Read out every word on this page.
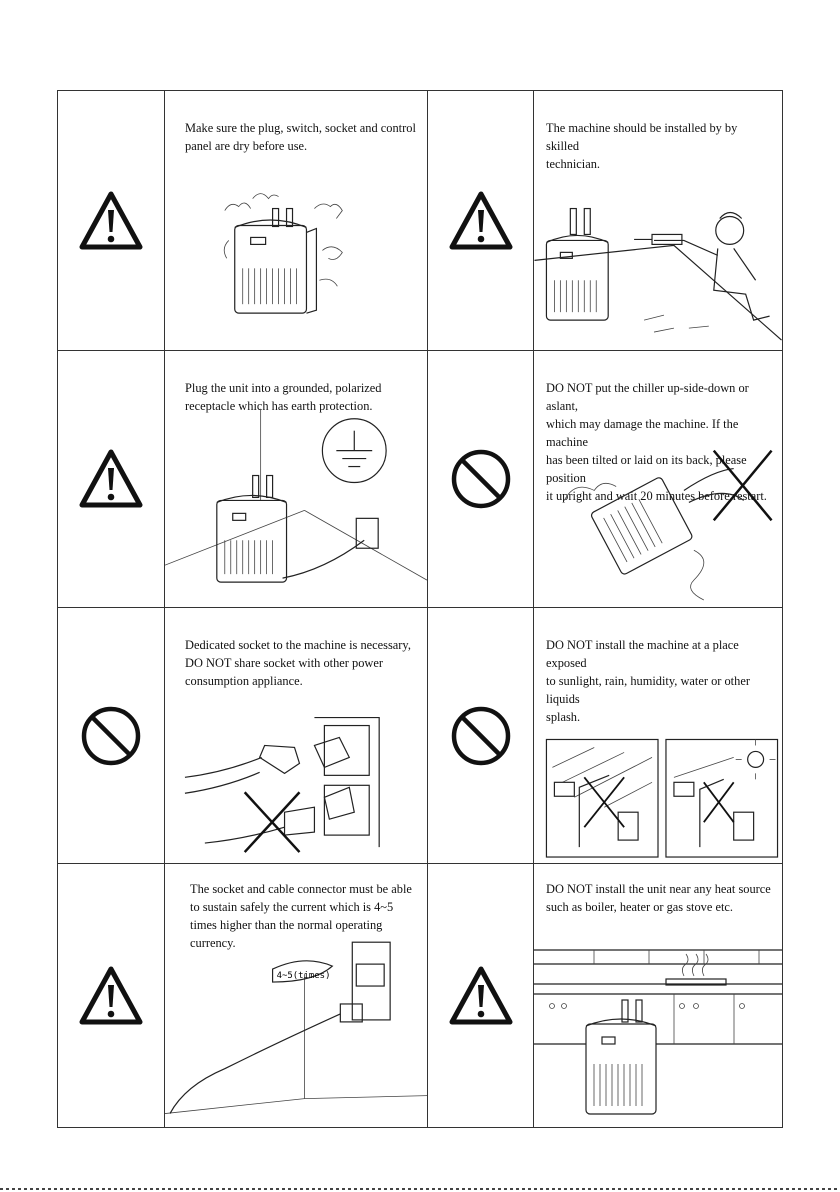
Make sure the plug, switch, socket and control
panel are dry before use.

The machine should be installed by by skilled
technician.

Plug the unit into a grounded, polarized
receptacle which has earth protection.

DO NOT put the chiller up-side-down or aslant,
which may damage the machine. If the machine
has been tilted or laid on its back, please position
it upright and wait 20 minutes before

Dedicated socket to the machine is necessary,
DO NOT share socket with other power
consumption appliance.

DO NOT install the machine at a place exposed
to sunlight, rain, humidity, water or other liquids
splash.

The socket and cable connector must be able
to sustain safely the current which is 4~5
times higher than the normal operating
currency.

4~5(times)

DO NOT install the unit near any heat source
such as boiler, heater or gas stove etc.
